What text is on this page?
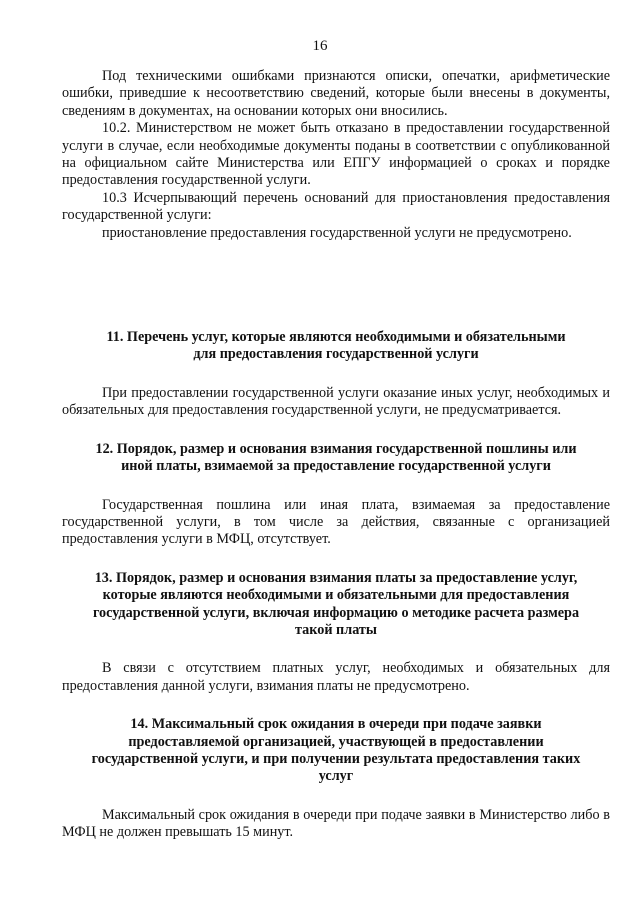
16

Под техническими ошибками признаются описки, опечатки, арифметические ошибки, приведшие к несоответствию сведений, которые были внесены в документы, сведениям в документах, на основании которых они вносились.

10.2. Министерством не может быть отказано в предоставлении государственной услуги в случае, если необходимые документы поданы в соответствии с опубликованной на официальном сайте Министерства или ЕПГУ информацией о сроках и порядке предоставления государственной услуги.

10.3 Исчерпывающий перечень оснований для приостановления предоставления государственной услуги:

приостановление предоставления государственной услуги не предусмотрено.

11. Перечень услуг, которые являются необходимыми и обязательными
для предоставления государственной услуги

При предоставлении государственной услуги оказание иных услуг, необходимых и обязательных для предоставления государственной услуги, не предусматривается.

12. Порядок, размер и основания взимания государственной пошлины или
иной платы, взимаемой за предоставление государственной услуги

Государственная пошлина или иная плата, взимаемая за предоставление государственной услуги, в том числе за действия, связанные с организацией предоставления услуги в МФЦ, отсутствует.

13. Порядок, размер и основания взимания платы за предоставление услуг,
которые являются необходимыми и обязательными для предоставления
государственной услуги, включая информацию о методике расчета размера
такой платы

В связи с отсутствием платных услуг, необходимых и обязательных для предоставления данной услуги, взимания платы не предусмотрено.

14. Максимальный срок ожидания в очереди при подаче заявки
предоставляемой организацией, участвующей в предоставлении
государственной услуги, и при получении результата предоставления таких
услуг

Максимальный срок ожидания в очереди при подаче заявки в Министерство либо в МФЦ не должен превышать 15 минут.
